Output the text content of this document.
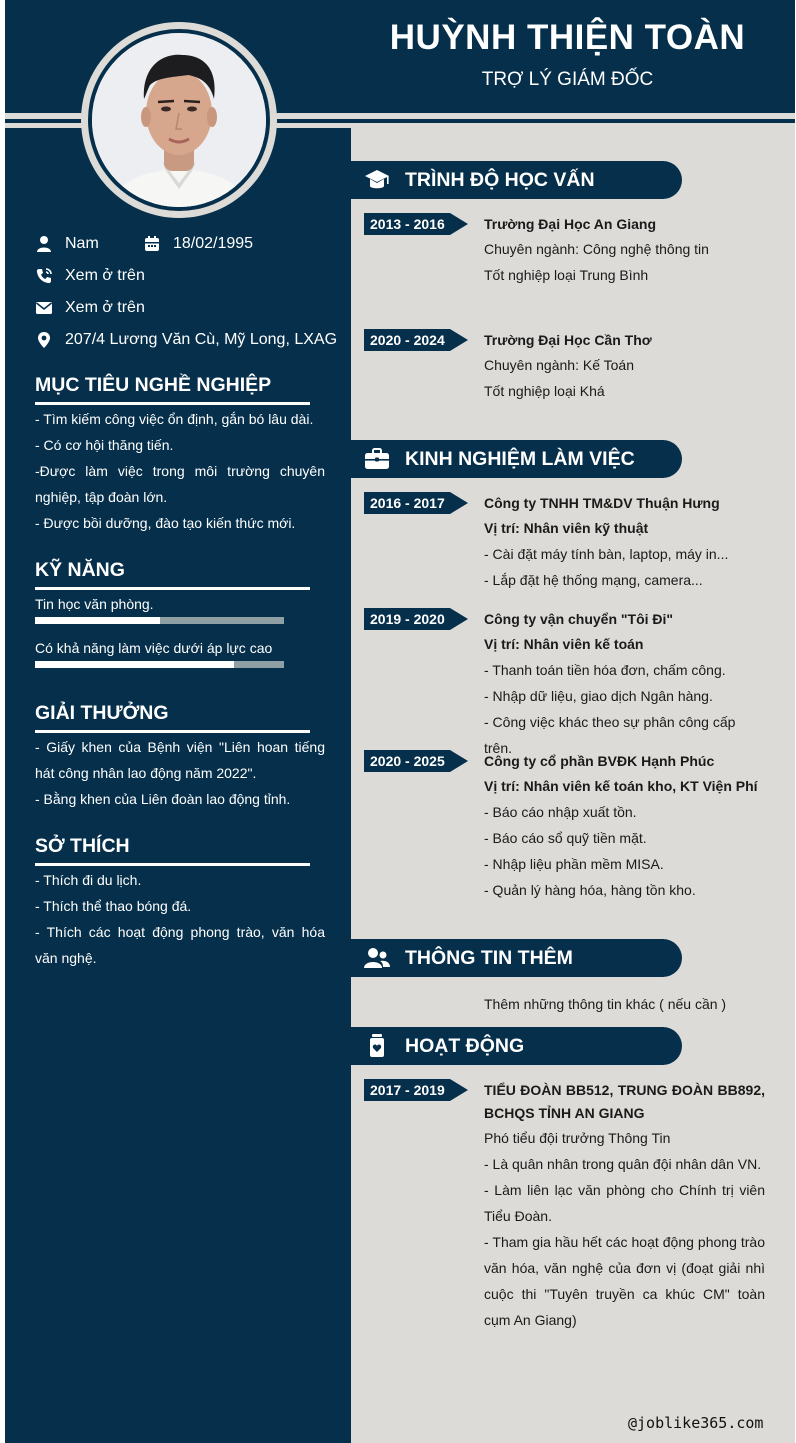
HUỲNH THIỆN TOÀN
TRỢ LÝ GIÁM ĐỐC
Nam	18/02/1995
Xem ở trên
Xem ở trên
207/4 Lương Văn Cù, Mỹ Long, LXAG
MỤC TIÊU NGHỀ NGHIỆP

- Tìm kiếm công việc ổn định, gắn bó lâu dài.

- Có cơ hội thăng tiến.

-Được làm việc trong môi trường chuyên nghiệp, tập đoàn lớn.

- Được bồi dưỡng, đào tạo kiến thức mới.

KỸ NĂNG
Tin học văn phòng.
Có khả năng làm việc dưới áp lực cao
GIẢI THƯỞNG

- Giấy khen của Bệnh viện "Liên hoan tiếng hát công nhân lao động năm 2022".

- Bằng khen của Liên đoàn lao động tỉnh.

SỞ THÍCH

- Thích đi du lịch.

- Thích thể thao bóng đá.

- Thích các hoạt động phong trào, văn hóa văn nghệ.

TRÌNH ĐỘ HỌC VẤN
2013 - 2016	Trường Đại Học An Giang

Chuyên ngành: Công nghệ thông tin

Tốt nghiệp loại Trung Bình

2020 - 2024	Trường Đại Học Cần Thơ

Chuyên ngành: Kế Toán

Tốt nghiệp loại Khá

KINH NGHIỆM LÀM VIỆC
2016 - 2017	Công ty TNHH TM&DV Thuận Hưng

Vị trí: Nhân viên kỹ thuật

- Cài đặt máy tính bàn, laptop, máy in...

- Lắp đặt hệ thống mạng, camera...

2019 - 2020	Công ty vận chuyển "Tôi Đi"

Vị trí: Nhân viên kế toán

- Thanh toán tiền hóa đơn, chấm công.

- Nhập dữ liệu, giao dịch Ngân hàng.

- Công việc khác theo sự phân công cấp trên.

2020 - 2025	Công ty cổ phần BVĐK Hạnh Phúc

Vị trí: Nhân viên kế toán kho, KT Viện Phí

- Báo cáo nhập xuất tồn.

- Báo cáo sổ quỹ tiền mặt.

- Nhập liệu phần mềm MISA.

- Quản lý hàng hóa, hàng tồn kho.

THÔNG TIN THÊM

Thêm những thông tin khác ( nếu cần )

HOẠT ĐỘNG
2017 - 2019	TIỂU ĐOÀN BB512, TRUNG ĐOÀN BB892, BCHQS TỈNH AN GIANG

Phó tiểu đội trưởng Thông Tin

- Là quân nhân trong quân đội nhân dân VN.

- Làm liên lạc văn phòng cho Chính trị viên Tiểu Đoàn.

- Tham gia hầu hết các hoạt động phong trào văn hóa, văn nghệ của đơn vị (đoạt giải nhì cuộc thi "Tuyên truyền ca khúc CM" toàn cụm An Giang)

@joblike365.com
